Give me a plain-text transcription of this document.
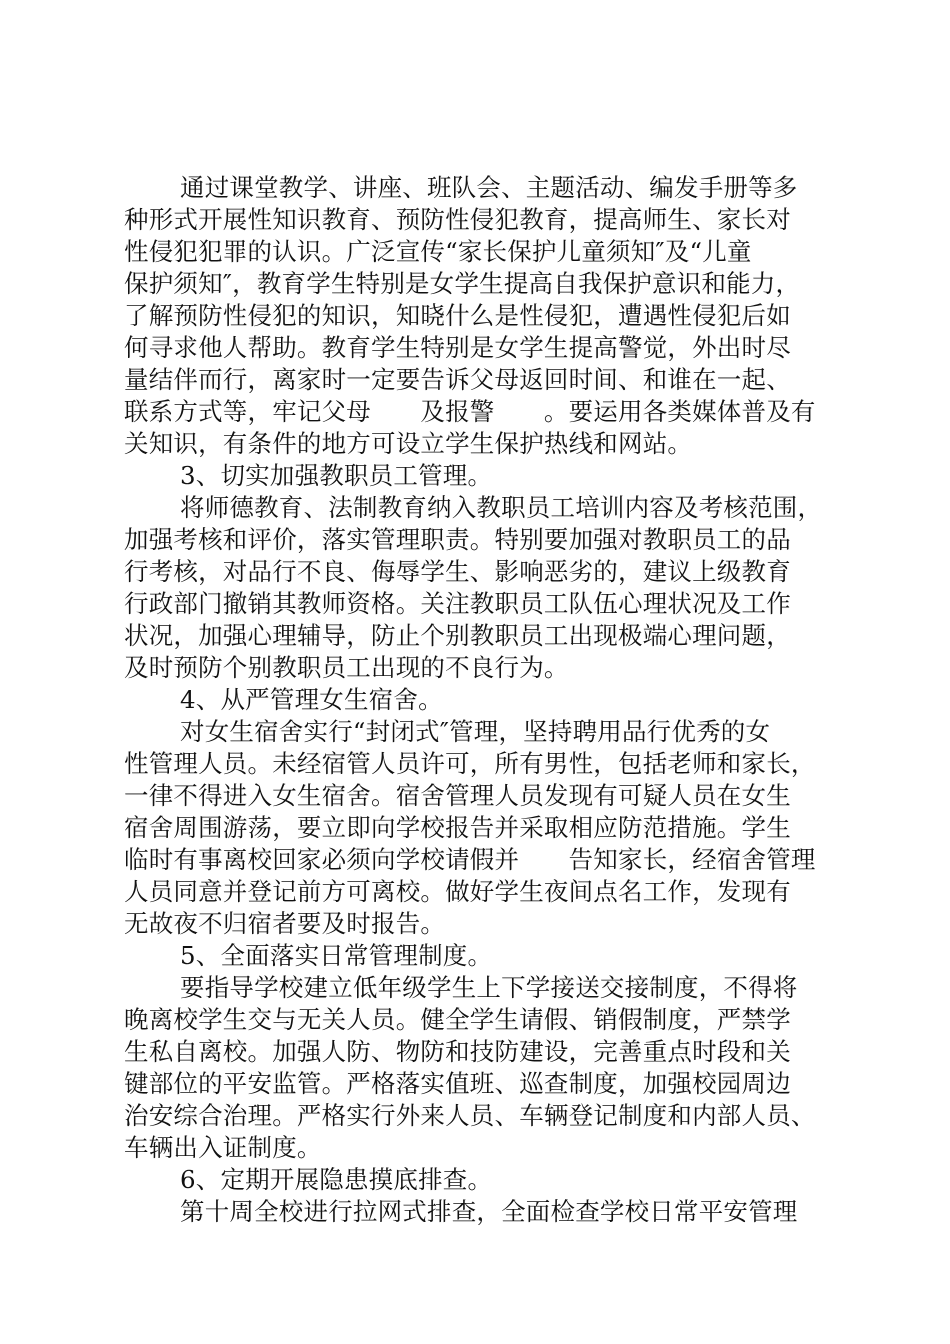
通过课堂教学、讲座、班队会、主题活动、编发手册等多
种形式开展性知识教育、预防性侵犯教育，提高师生、家长对
性侵犯犯罪的认识。广泛宣传“家长保护儿童须知″及“儿童
保护须知″，教育学生特别是女学生提高自我保护意识和能力，
了解预防性侵犯的知识，知晓什么是性侵犯，遭遇性侵犯后如
何寻求他人帮助。教育学生特别是女学生提高警觉，外出时尽
量结伴而行，离家时一定要告诉父母返回时间、和谁在一起、
联系方式等，牢记父母　　及报警　　。要运用各类媒体普及有
关知识，有条件的地方可设立学生保护热线和网站。
3、切实加强教职员工管理。
将师德教育、法制教育纳入教职员工培训内容及考核范围，
加强考核和评价，落实管理职责。特别要加强对教职员工的品
行考核，对品行不良、侮辱学生、影响恶劣的，建议上级教育
行政部门撤销其教师资格。关注教职员工队伍心理状况及工作
状况，加强心理辅导，防止个别教职员工出现极端心理问题，
及时预防个别教职员工出现的不良行为。
4、从严管理女生宿舍。
对女生宿舍实行“封闭式″管理，坚持聘用品行优秀的女
性管理人员。未经宿管人员许可，所有男性，包括老师和家长，
一律不得进入女生宿舍。宿舍管理人员发现有可疑人员在女生
宿舍周围游荡，要立即向学校报告并采取相应防范措施。学生
临时有事离校回家必须向学校请假并　　告知家长，经宿舍管理
人员同意并登记前方可离校。做好学生夜间点名工作，发现有
无故夜不归宿者要及时报告。
5、全面落实日常管理制度。
要指导学校建立低年级学生上下学接送交接制度，不得将
晚离校学生交与无关人员。健全学生请假、销假制度，严禁学
生私自离校。加强人防、物防和技防建设，完善重点时段和关
键部位的平安监管。严格落实值班、巡查制度，加强校园周边
治安综合治理。严格实行外来人员、车辆登记制度和内部人员、
车辆出入证制度。
6、定期开展隐患摸底排查。
第十周全校进行拉网式排查，全面检查学校日常平安管理
